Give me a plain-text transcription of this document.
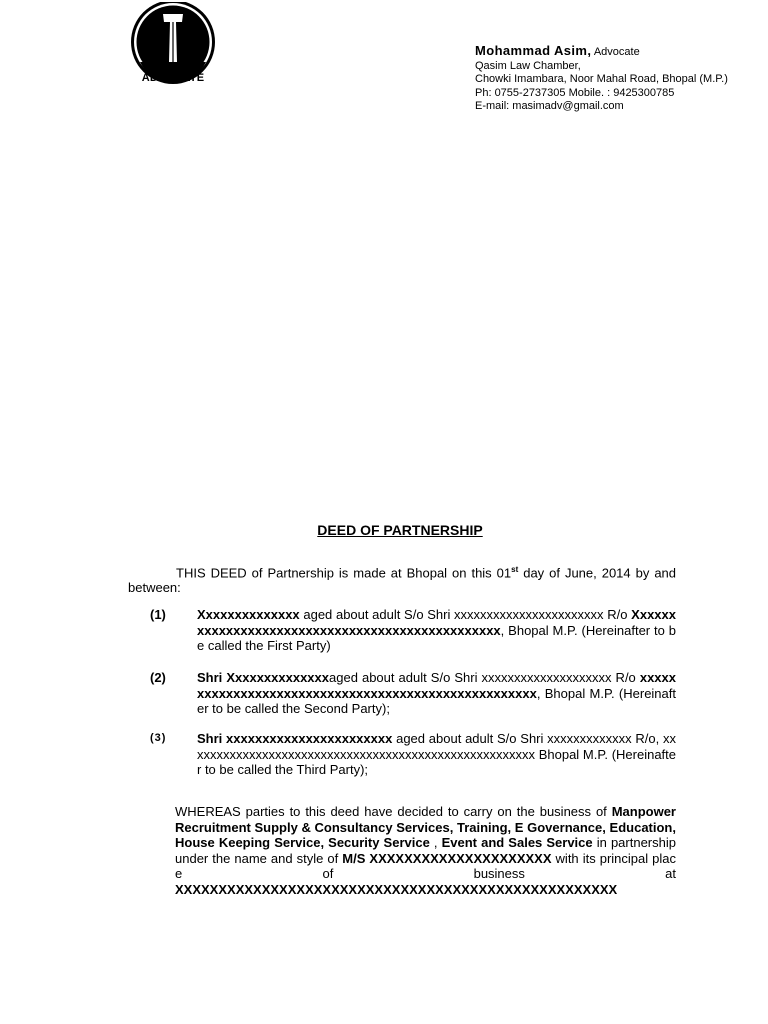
ADVOCATE
Mohammad Asim, Advocate
Qasim Law Chamber,
Chowki Imambara, Noor Mahal Road, Bhopal (M.P.)
Ph: 0755-2737305 Mobile. : 9425300785
E-mail: masimadv@gmail.com
DEED OF PARTNERSHIP
THIS DEED of Partnership is made at Bhopal on this 01st day of June, 2014 by and between:
(1) Xxxxxxxxxxxxxx aged about adult S/o Shri xxxxxxxxxxxxxxxxxxxxxxx R/o Xxxxxxxxxxxxxxxxxxxxxxxxxxxxxxxxxxxxxxxxxxxxxxxx, Bhopal M.P. (Hereinafter to be called the First Party)
(2) Shri Xxxxxxxxxxxxxxaged about adult S/o Shri xxxxxxxxxxxxxxxxxxxx R/o xxxxxxxxxxxxxxxxxxxxxxxxxxxxxxxxxxxxxxxxxxxxxxxxxxxx, Bhopal M.P. (Hereinafter to be called the Second Party);
(3) Shri xxxxxxxxxxxxxxxxxxxxxxx aged about adult S/o Shri xxxxxxxxxxxxx R/o, xxxxxxxxxxxxxxxxxxxxxxxxxxxxxxxxxxxxxxxxxxxxxxxxxxxxxx Bhopal M.P. (Hereinafter to be called the Third Party);
WHEREAS parties to this deed have decided to carry on the business of Manpower Recruitment Supply & Consultancy Services, Training, E Governance, Education, House Keeping Service, Security Service , Event and Sales Service in partnership under the name and style of M/S XXXXXXXXXXXXXXXXXXXXX with its principal place of business at XXXXXXXXXXXXXXXXXXXXXXXXXXXXXXXXXXXXXXXXXXXXXXXXXXX
